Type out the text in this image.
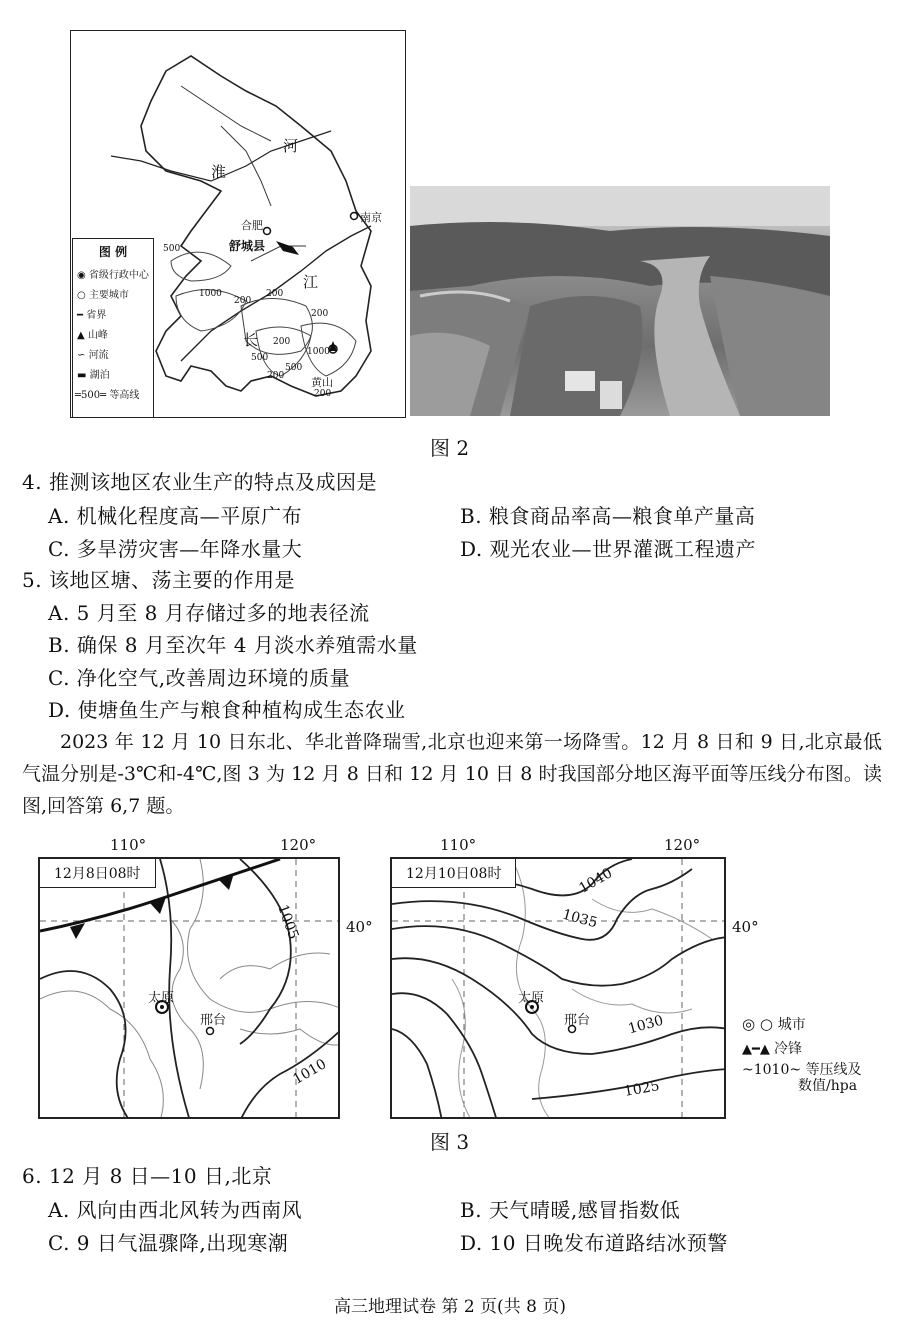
淮
河
江
长
南京
合肥
舒城县
黄山
500
1000
200
200
200
200
500
1000
200
500
200
图 例
◉ 省级行政中心
○ 主要城市
━ 省界
▲ 山峰
∽ 河流
▬ 湖泊
═500═ 等高线
图 2
4. 推测该地区农业生产的特点及成因是
A. 机械化程度高—平原广布	B. 粮食商品率高—粮食单产量高
C. 多旱涝灾害—年降水量大	D. 观光农业—世界灌溉工程遗产
5. 该地区塘、荡主要的作用是
A. 5 月至 8 月存储过多的地表径流
B. 确保 8 月至次年 4 月淡水养殖需水量
C. 净化空气,改善周边环境的质量
D. 使塘鱼生产与粮食种植构成生态农业
2023 年 12 月 10 日东北、华北普降瑞雪,北京也迎来第一场降雪。12 月 8 日和 9 日,北京最低气温分别是-3℃和-4℃,图 3 为 12 月 8 日和 12 月 10 日 8 时我国部分地区海平面等压线分布图。读图,回答第 6,7 题。
110°	120°
40°
12月8日08时
太原
邢台
1005
1010
110°	120°
40°
12月10日08时
太原
邢台
1040
1035
1030
1025
◎ ○ 城市
▲━▲ 冷锋
~1010~ 等压线及
数值/hpa
图 3
6. 12 月 8 日—10 日,北京
A. 风向由西北风转为西南风	B. 天气晴暖,感冒指数低
C. 9 日气温骤降,出现寒潮	D. 10 日晚发布道路结冰预警
高三地理试卷 第 2 页(共 8 页)
